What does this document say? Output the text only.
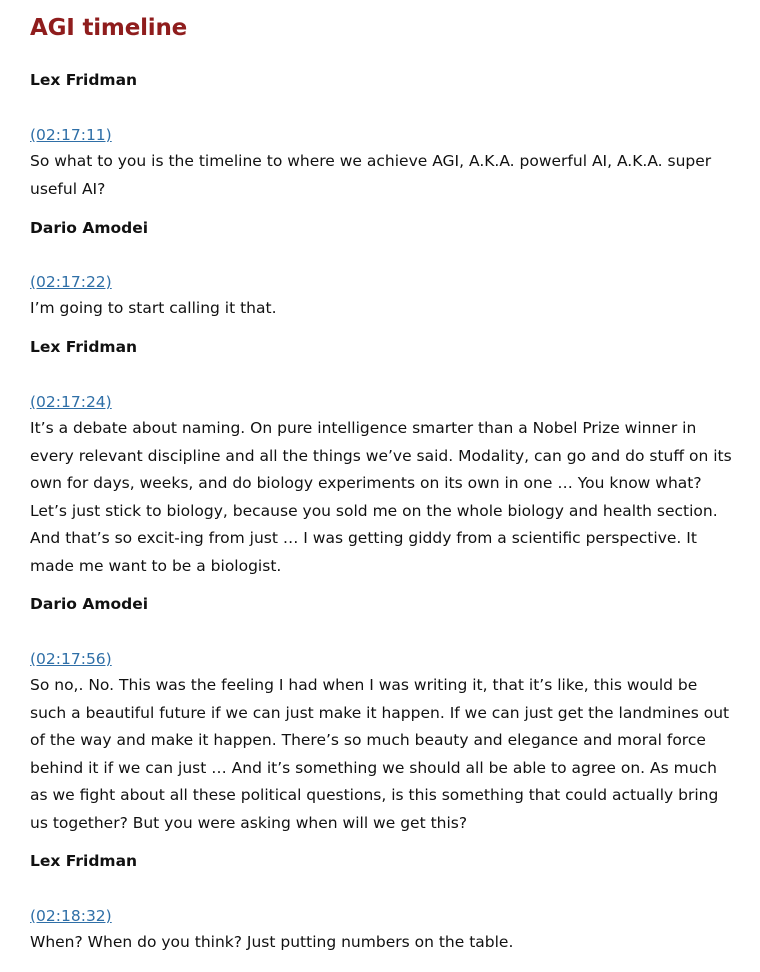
AGI timeline

Lex Fridman

(02:17:11)

So what to you is the timeline to where we achieve AGI, A.K.A. powerful AI, A.K.A. super useful AI?

Dario Amodei

(02:17:22)

I’m going to start calling it that.

Lex Fridman

(02:17:24)

It’s a debate about naming. On pure intelligence smarter than a Nobel Prize winner in every relevant discipline and all the things we’ve said. Modality, can go and do stuff on its own for days, weeks, and do biology experiments on its own in one … You know what? Let’s just stick to biology, because you sold me on the whole biology and health section. And that’s so excit-ing from just … I was getting giddy from a scientific perspective. It made me want to be a biologist.

Dario Amodei

(02:17:56)

So no,. No. This was the feeling I had when I was writing it, that it’s like, this would be such a beautiful future if we can just make it happen. If we can just get the landmines out of the way and make it happen. There’s so much beauty and elegance and moral force behind it if we can just … And it’s something we should all be able to agree on. As much as we fight about all these political questions, is this something that could actually bring us together? But you were asking when will we get this?

Lex Fridman

(02:18:32)

When? When do you think? Just putting numbers on the table.
